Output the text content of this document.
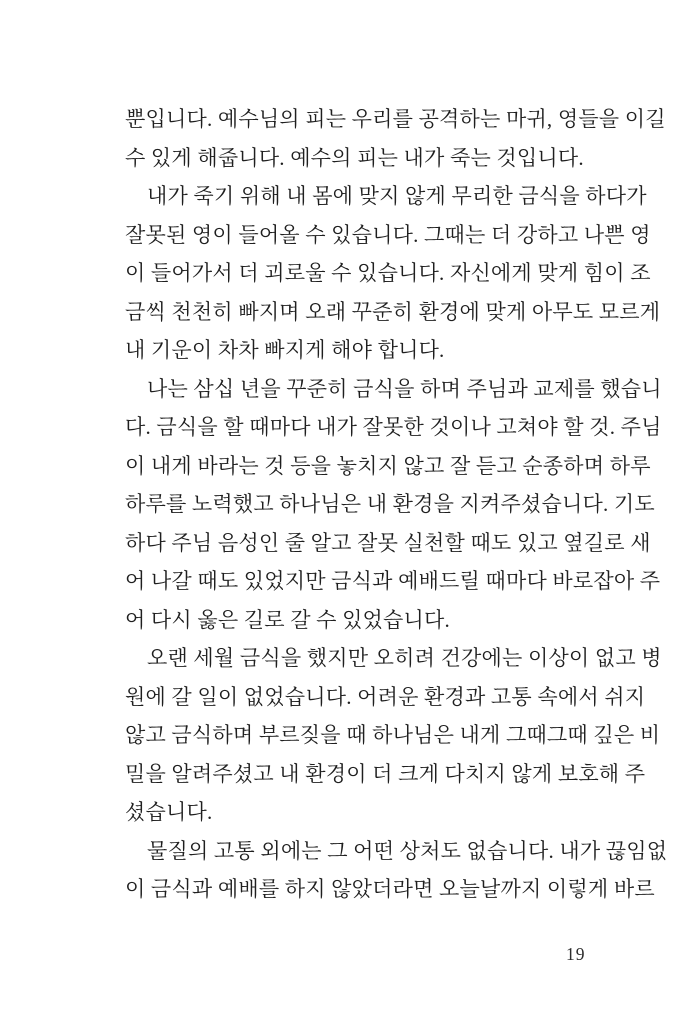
뿐입니다. 예수님의 피는 우리를 공격하는 마귀, 영들을 이길
수 있게 해줍니다. 예수의 피는 내가 죽는 것입니다.
내가 죽기 위해 내 몸에 맞지 않게 무리한 금식을 하다가
잘못된 영이 들어올 수 있습니다. 그때는 더 강하고 나쁜 영
이 들어가서 더 괴로울 수 있습니다. 자신에게 맞게 힘이 조
금씩 천천히 빠지며 오래 꾸준히 환경에 맞게 아무도 모르게
내 기운이 차차 빠지게 해야 합니다.
나는 삼십 년을 꾸준히 금식을 하며 주님과 교제를 했습니
다. 금식을 할 때마다 내가 잘못한 것이나 고쳐야 할 것. 주님
이 내게 바라는 것 등을 놓치지 않고 잘 듣고 순종하며 하루
하루를 노력했고 하나님은 내 환경을 지켜주셨습니다. 기도
하다 주님 음성인 줄 알고 잘못 실천할 때도 있고 옆길로 새
어 나갈 때도 있었지만 금식과 예배드릴 때마다 바로잡아 주
어 다시 옳은 길로 갈 수 있었습니다.
오랜 세월 금식을 했지만 오히려 건강에는 이상이 없고 병
원에 갈 일이 없었습니다. 어려운 환경과 고통 속에서 쉬지
않고 금식하며 부르짖을 때 하나님은 내게 그때그때 깊은 비
밀을 알려주셨고 내 환경이 더 크게 다치지 않게 보호해 주
셨습니다.
물질의 고통 외에는 그 어떤 상처도 없습니다. 내가 끊임없
이 금식과 예배를 하지 않았더라면 오늘날까지 이렇게 바르
19
